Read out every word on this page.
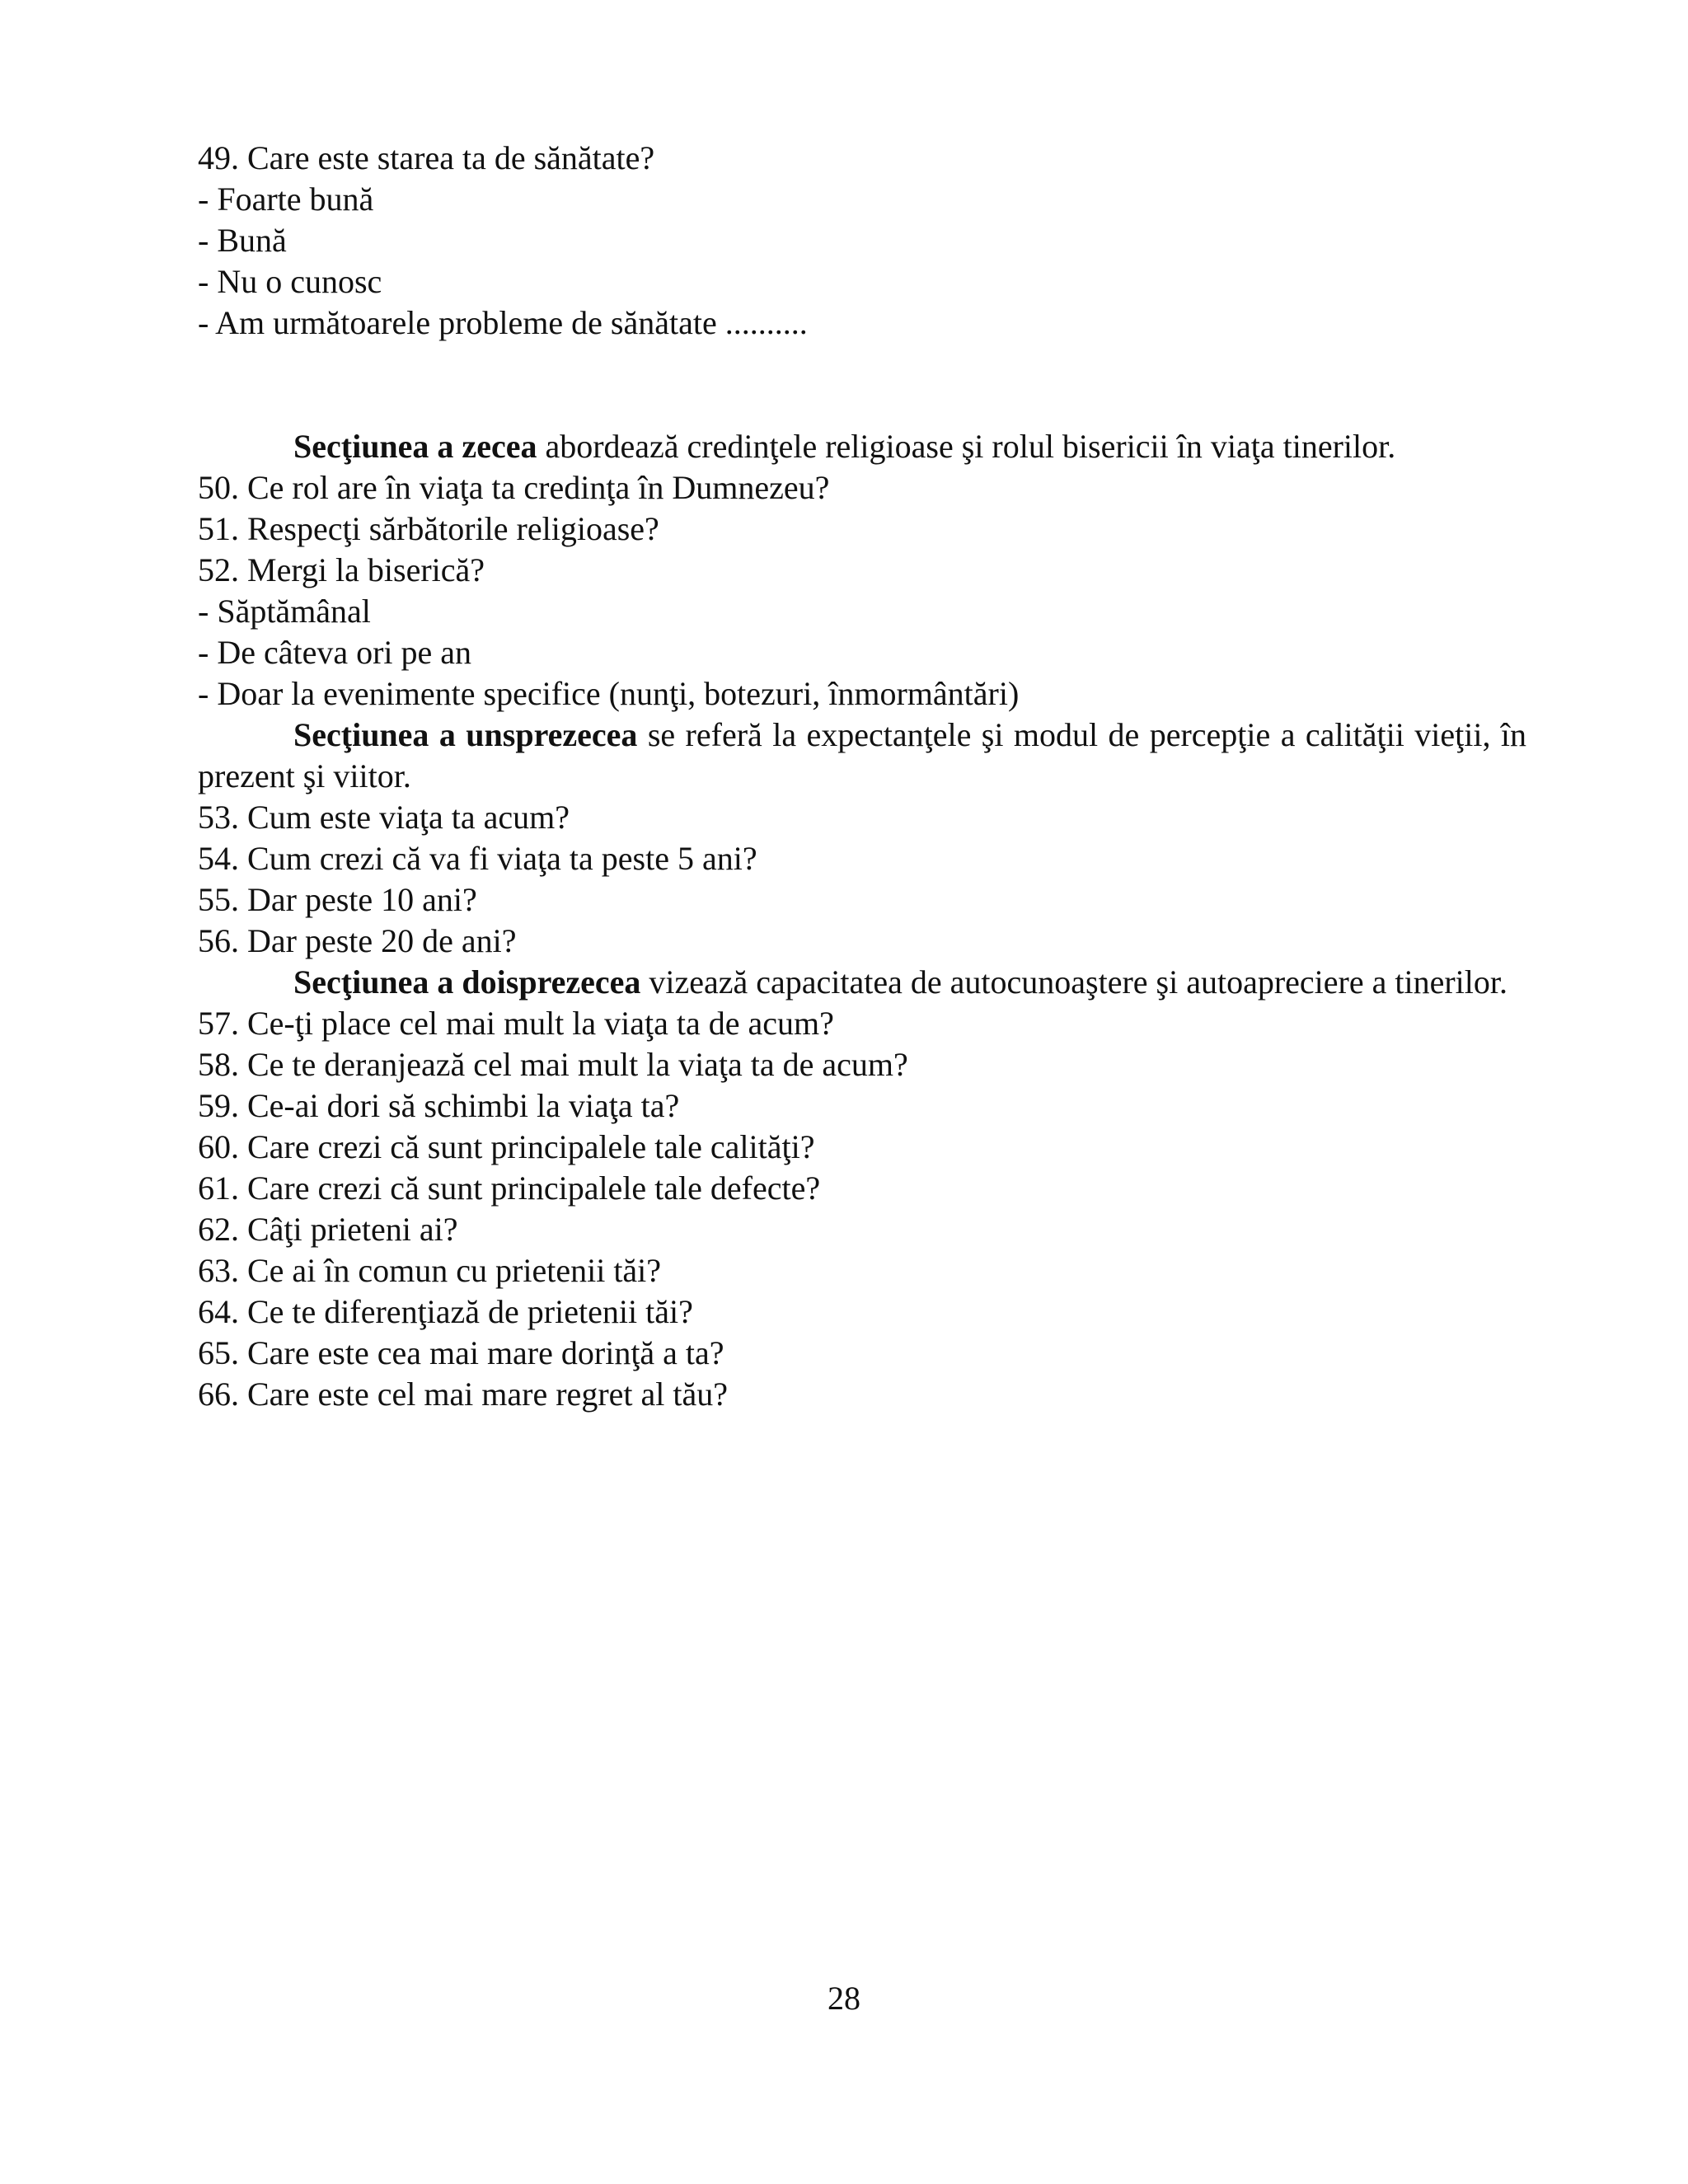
49. Care este starea ta de sănătate?

- Foarte bună

- Bună

- Nu o cunosc

- Am următoarele probleme de sănătate ..........

Secţiunea a zecea abordează credinţele religioase şi rolul bisericii în viaţa tinerilor.

50. Ce rol are în viaţa ta credinţa în Dumnezeu?

51. Respecţi sărbătorile religioase?

52. Mergi la biserică?

- Săptămânal

- De câteva ori pe an

- Doar la evenimente specifice (nunţi, botezuri, înmormântări)

Secţiunea a unsprezecea se referă la expectanţele şi modul de percepţie a calităţii vieţii, în prezent şi viitor.

53. Cum este viaţa ta acum?

54. Cum crezi că va fi viaţa ta peste 5 ani?

55. Dar peste 10 ani?

56. Dar peste 20 de ani?

Secţiunea a doisprezecea vizează capacitatea de autocunoaştere şi autoapreciere a tinerilor.

57. Ce-ţi place cel mai mult la viaţa ta de acum?

58. Ce te deranjează cel mai mult la viaţa ta de acum?

59. Ce-ai dori să schimbi la viaţa ta?

60. Care crezi că sunt principalele tale calităţi?

61. Care crezi că sunt principalele tale defecte?

62. Câţi prieteni ai?

63. Ce ai în comun cu prietenii tăi?

64. Ce te diferenţiază de prietenii tăi?

65. Care este cea mai mare dorinţă a ta?

66. Care este cel mai mare regret al tău?

28
